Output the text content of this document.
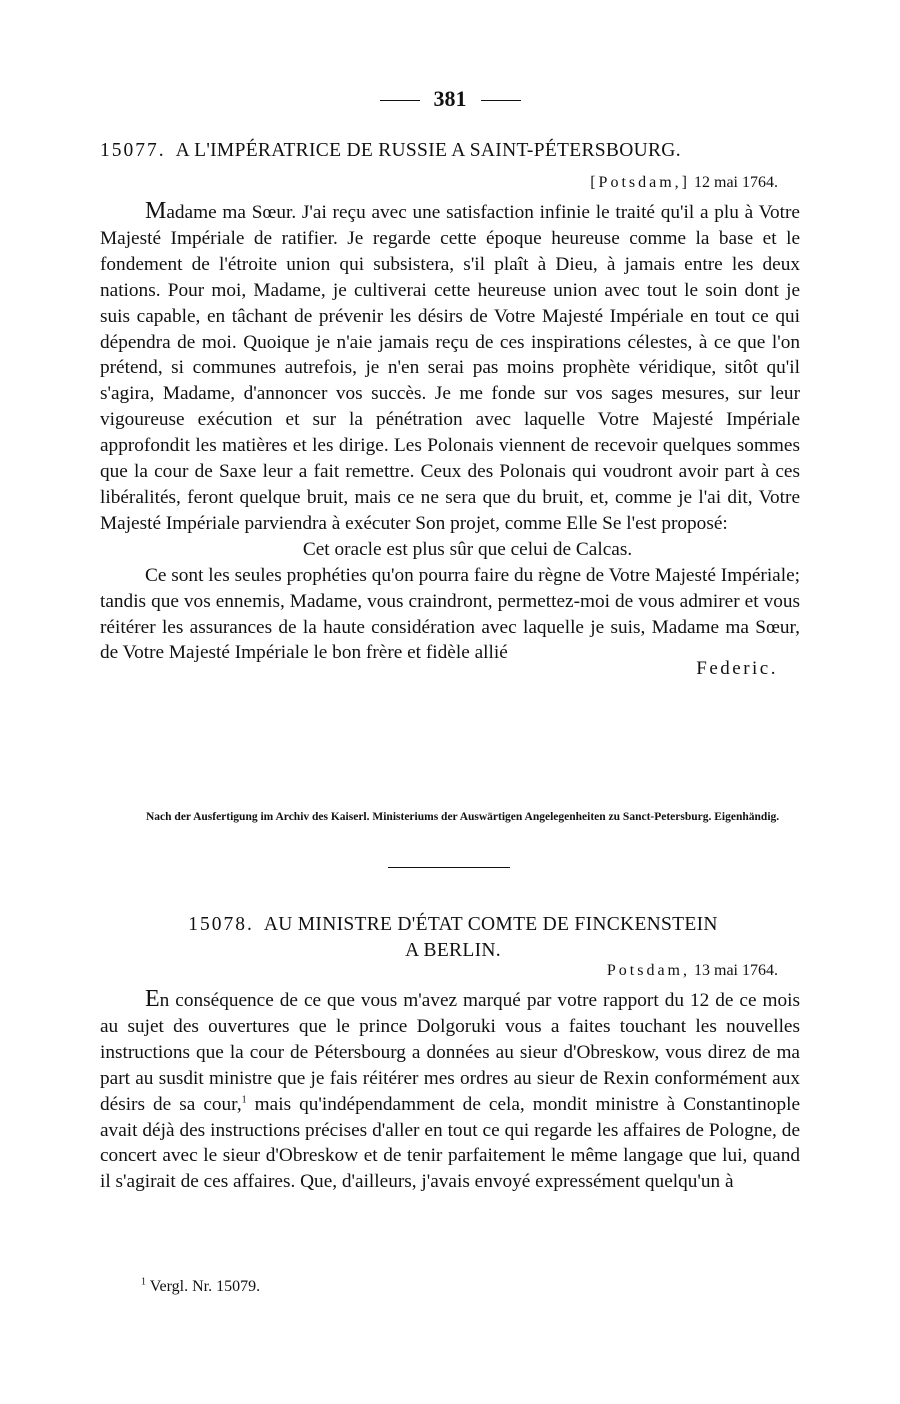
381
15077. A L'IMPÉRATRICE DE RUSSIE A SAINT-PÉTERSBOURG.
[Potsdam,] 12 mai 1764.

Madame ma Sœur. J'ai reçu avec une satisfaction infinie le traité qu'il a plu à Votre Majesté Impériale de ratifier. Je regarde cette époque heureuse comme la base et le fondement de l'étroite union qui subsistera, s'il plaît à Dieu, à jamais entre les deux nations. Pour moi, Madame, je cultiverai cette heureuse union avec tout le soin dont je suis capable, en tâchant de prévenir les désirs de Votre Majesté Impériale en tout ce qui dépendra de moi. Quoique je n'aie jamais reçu de ces inspirations célestes, à ce que l'on prétend, si communes autrefois, je n'en serai pas moins prophète véridique, sitôt qu'il s'agira, Madame, d'annoncer vos succès. Je me fonde sur vos sages mesures, sur leur vigoureuse exécution et sur la pénétration avec laquelle Votre Majesté Impériale approfondit les matières et les dirige. Les Polonais viennent de recevoir quelques sommes que la cour de Saxe leur a fait remettre. Ceux des Polonais qui voudront avoir part à ces libéralités, feront quelque bruit, mais ce ne sera que du bruit, et, comme je l'ai dit, Votre Majesté Impériale parviendra à exécuter Son projet, comme Elle Se l'est proposé:

Cet oracle est plus sûr que celui de Calcas.

Ce sont les seules prophéties qu'on pourra faire du règne de Votre Majesté Impériale; tandis que vos ennemis, Madame, vous craindront, permettez-moi de vous admirer et vous réitérer les assurances de la haute considération avec laquelle je suis, Madame ma Sœur, de Votre Majesté Impériale le bon frère et fidèle allié
Federic.

Nach der Ausfertigung im Archiv des Kaiserl. Ministeriums der Auswärtigen Angelegenheiten zu Sanct-Petersburg. Eigenhändig.
15078. AU MINISTRE D'ÉTAT COMTE DE FINCKENSTEIN
A BERLIN.
Potsdam, 13 mai 1764.

En conséquence de ce que vous m'avez marqué par votre rapport du 12 de ce mois au sujet des ouvertures que le prince Dolgoruki vous a faites touchant les nouvelles instructions que la cour de Pétersbourg a données au sieur d'Obreskow, vous direz de ma part au susdit ministre que je fais réitérer mes ordres au sieur de Rexin conformément aux désirs de sa cour,$^1$ mais qu'indépendamment de cela, mondit ministre à Constantinople avait déjà des instructions précises d'aller en tout ce qui regarde les affaires de Pologne, de concert avec le sieur d'Obreskow et de tenir parfaitement le même langage que lui, quand il s'agirait de ces affaires. Que, d'ailleurs, j'avais envoyé expressément quelqu'un à

$^1$ Vergl. Nr. 15079.
